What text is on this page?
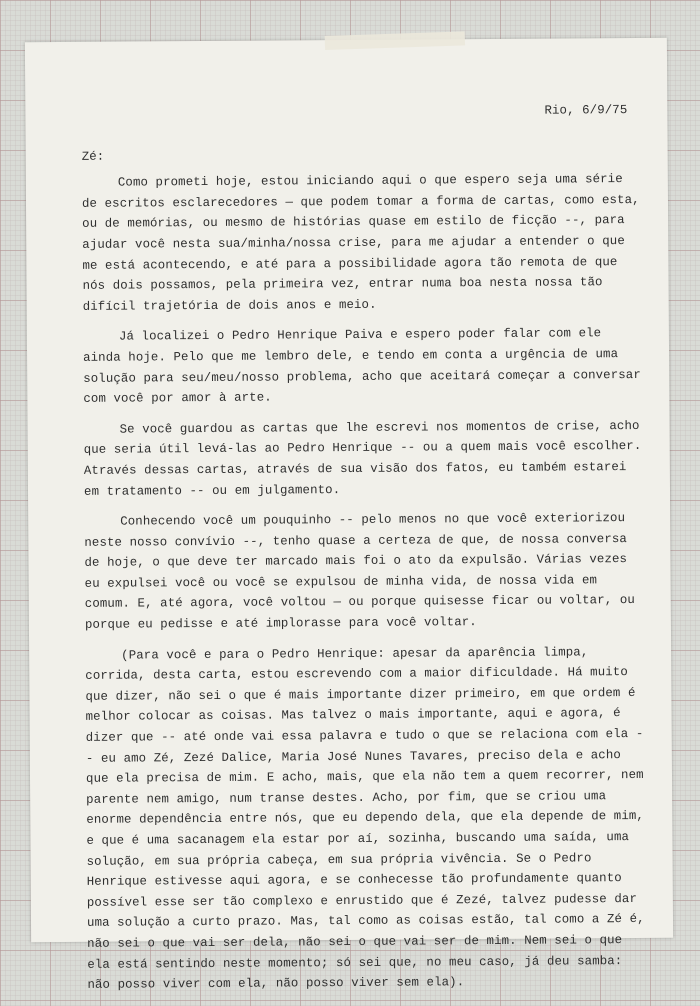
Rio, 6/9/75
Zé:

Como prometi hoje, estou iniciando aqui o que espero seja uma série de escritos esclarecedores — que podem tomar a forma de cartas, como esta, ou de memórias, ou mesmo de histórias quase em estilo de ficção --, para ajudar você nesta sua/minha/nossa crise, para me ajudar a entender o que me está acontecendo, e até para a possibilidade agora tão remota de que nós dois possamos, pela primeira vez, entrar numa boa nesta nossa tão difícil trajetória de dois anos e meio.

Já localizei o Pedro Henrique Paiva e espero poder falar com ele ainda hoje. Pelo que me lembro dele, e tendo em conta a urgência de uma solução para seu/meu/nosso problema, acho que aceitará começar a conversar com você por amor à arte.

Se você guardou as cartas que lhe escrevi nos momentos de crise, acho que seria útil levá-las ao Pedro Henrique -- ou a quem mais você escolher. Através dessas cartas, através de sua visão dos fatos, eu também estarei em tratamento -- ou em julgamento.

Conhecendo você um pouquinho -- pelo menos no que você exteriorizou neste nosso convívio --, tenho quase a certeza de que, de nossa conversa de hoje, o que deve ter marcado mais foi o ato da expulsão. Várias vezes eu expulsei você ou você se expulsou de minha vida, de nossa vida em comum. E, até agora, você voltou — ou porque quisesse ficar ou voltar, ou porque eu pedisse e até implorasse para você voltar.

(Para você e para o Pedro Henrique: apesar da aparência limpa, corrida, desta carta, estou escrevendo com a maior dificuldade. Há muito que dizer, não sei o que é mais importante dizer primeiro, em que ordem é melhor colocar as coisas. Mas talvez o mais importante, aqui e agora, é dizer que -- até onde vai essa palavra e tudo o que se relaciona com ela -- eu amo Zé, Zezé Dalice, Maria José Nunes Tavares, preciso dela e acho que ela precisa de mim. E acho, mais, que ela não tem a quem recorrer, nem parente nem amigo, num transe destes. Acho, por fim, que se criou uma enorme dependência entre nós, que eu dependo dela, que ela depende de mim, e que é uma sacanagem ela estar por aí, sozinha, buscando uma saída, uma solução, em sua própria cabeça, em sua própria vivência. Se o Pedro Henrique estivesse aqui agora, e se conhecesse tão profundamente quanto possível esse ser tão complexo e enrustido que é Zezé, talvez pudesse dar uma solução a curto prazo. Mas, tal como as coisas estão, tal como a Zé é, não sei o que vai ser dela, não sei o que vai ser de mim. Nem sei o que ela está sentindo neste momento; só sei que, no meu caso, já deu samba: não posso viver com ela, não posso viver sem ela).
